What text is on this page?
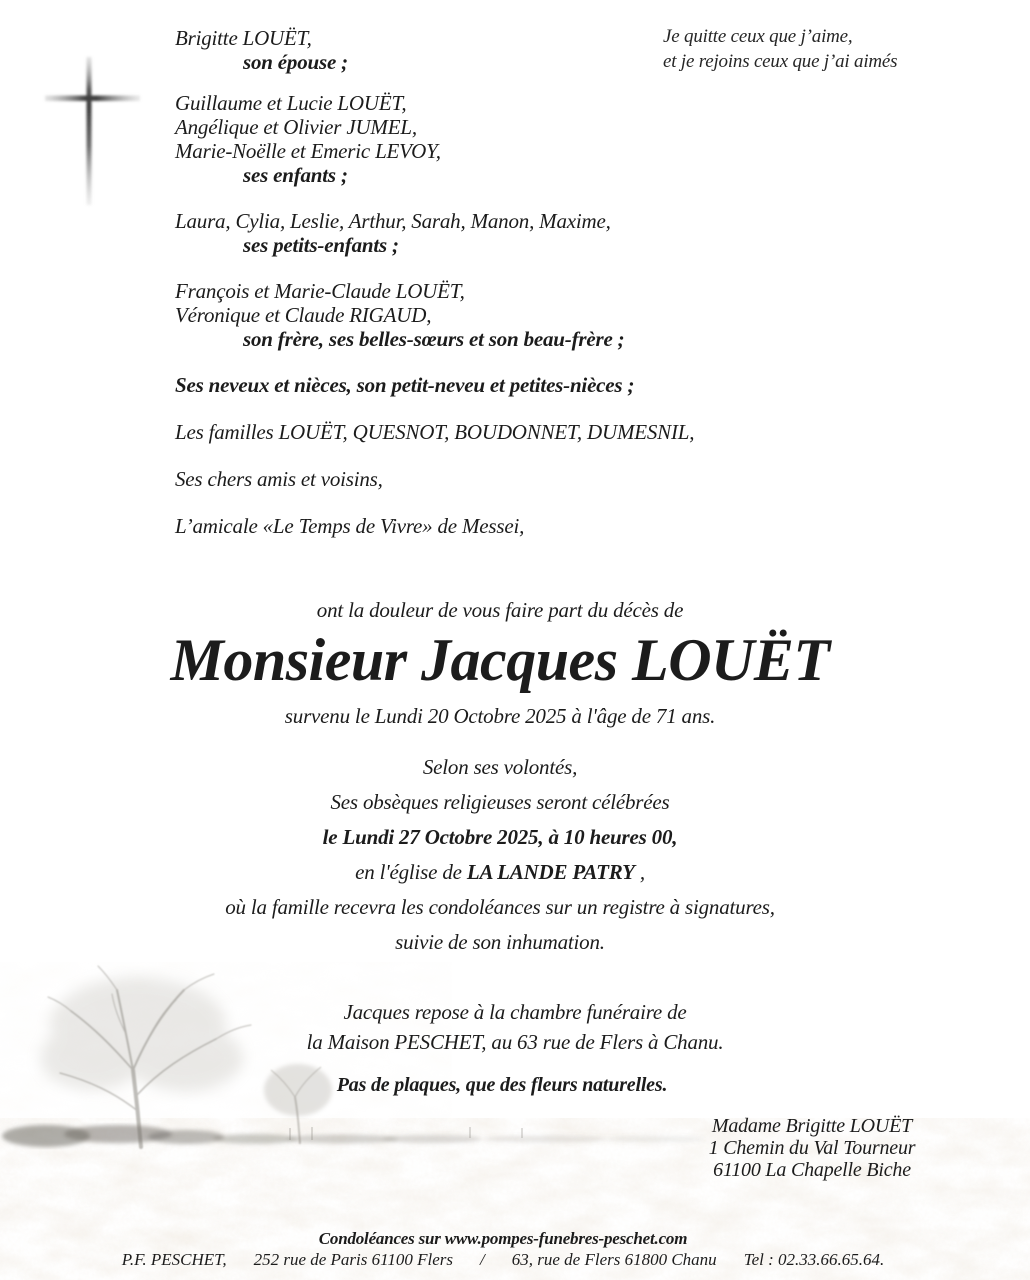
Je quitte ceux que j’aime,
et je rejoins ceux que j’ai aimés
Brigitte LOUËT,
son épouse ;
Guillaume et Lucie LOUËT,
Angélique et Olivier JUMEL,
Marie-Noëlle et Emeric LEVOY,
ses enfants ;
Laura, Cylia, Leslie, Arthur, Sarah, Manon, Maxime,
ses petits-enfants ;
François et Marie-Claude LOUËT,
Véronique et Claude RIGAUD,
son frère, ses belles-sœurs et son beau-frère ;
Ses neveux et nièces, son petit-neveu et petites-nièces ;
Les familles LOUËT, QUESNOT, BOUDONNET, DUMESNIL,
Ses chers amis et voisins,
L’amicale «Le Temps de Vivre» de Messei,
ont la douleur de vous faire part du décès de
Monsieur Jacques LOUËT
survenu le Lundi 20 Octobre 2025 à l'âge de 71 ans.
Selon ses volontés,
Ses obsèques religieuses seront célébrées
le Lundi 27 Octobre 2025, à 10 heures 00,
en l'église de LA LANDE PATRY ,
où la famille recevra les condoléances sur un registre à signatures,
suivie de son inhumation.
Jacques repose à la chambre funéraire de
la Maison PESCHET, au 63 rue de Flers à Chanu.
Pas de plaques, que des fleurs naturelles.
Madame Brigitte LOUËT
1 Chemin du Val Tourneur
61100 La Chapelle Biche
Condoléances sur www.pompes-funebres-peschet.com
P.F. PESCHET, 252 rue de Paris 61100 Flers / 63, rue de Flers 61800 Chanu Tel : 02.33.66.65.64.
